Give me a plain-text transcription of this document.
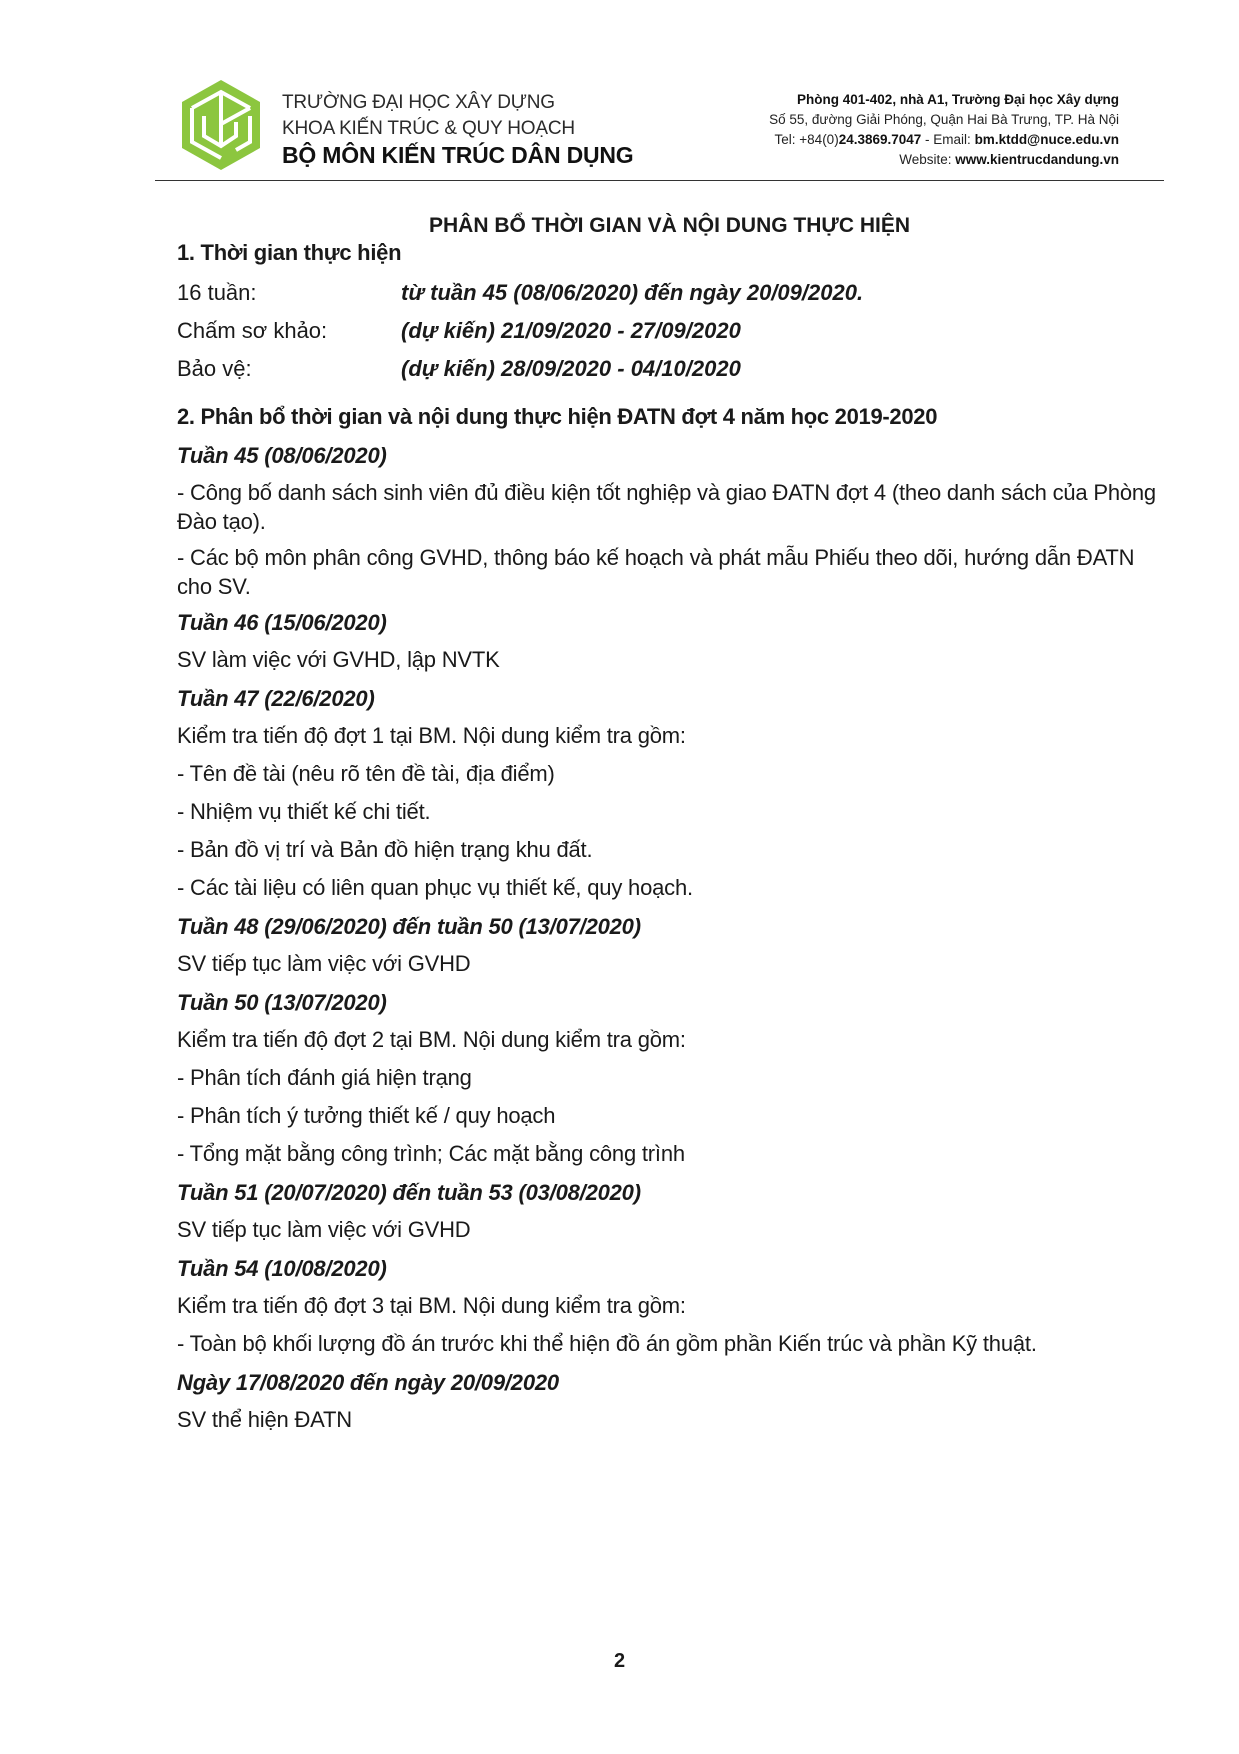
TRƯỜNG ĐẠI HỌC XÂY DỰNG
KHOA KIẾN TRÚC & QUY HOẠCH
BỘ MÔN KIẾN TRÚC DÂN DỤNG
Phòng 401-402, nhà A1, Trường Đại học Xây dựng
Số 55, đường Giải Phóng, Quận Hai Bà Trưng, TP. Hà Nội
Tel: +84(0)24.3869.7047 - Email: bm.ktdd@nuce.edu.vn
Website: www.kientrucdandung.vn
PHÂN BỔ THỜI GIAN VÀ NỘI DUNG THỰC HIỆN
1. Thời gian thực hiện
16 tuần:	từ tuần 45 (08/06/2020) đến ngày 20/09/2020.
Chấm sơ khảo:	(dự kiến) 21/09/2020 - 27/09/2020
Bảo vệ:	(dự kiến) 28/09/2020 - 04/10/2020
2. Phân bổ thời gian và nội dung thực hiện ĐATN đợt 4 năm học 2019-2020
Tuần 45 (08/06/2020)
- Công bố danh sách sinh viên đủ điều kiện tốt nghiệp và giao ĐATN đợt 4 (theo danh sách của Phòng Đào tạo).
- Các bộ môn phân công GVHD, thông báo kế hoạch và phát mẫu Phiếu theo dõi, hướng dẫn ĐATN cho SV.
Tuần 46 (15/06/2020)
SV làm việc với GVHD, lập NVTK
Tuần 47 (22/6/2020)
Kiểm tra tiến độ đợt 1 tại BM. Nội dung kiểm tra gồm:
- Tên đề tài (nêu rõ tên đề tài, địa điểm)
- Nhiệm vụ thiết kế chi tiết.
- Bản đồ vị trí và Bản đồ hiện trạng khu đất.
- Các tài liệu có liên quan phục vụ thiết kế, quy hoạch.
Tuần 48 (29/06/2020) đến tuần 50 (13/07/2020)
SV tiếp tục làm việc với GVHD
Tuần 50 (13/07/2020)
Kiểm tra tiến độ đợt 2 tại BM. Nội dung kiểm tra gồm:
- Phân tích đánh giá hiện trạng
- Phân tích ý tưởng thiết kế / quy hoạch
- Tổng mặt bằng công trình; Các mặt bằng công trình
Tuần 51 (20/07/2020) đến tuần 53 (03/08/2020)
SV tiếp tục làm việc với GVHD
Tuần 54 (10/08/2020)
Kiểm tra tiến độ đợt 3 tại BM. Nội dung kiểm tra gồm:
- Toàn bộ khối lượng đồ án trước khi thể hiện đồ án gồm phần Kiến trúc và phần Kỹ thuật.
Ngày 17/08/2020 đến ngày 20/09/2020
SV thể hiện ĐATN
2
